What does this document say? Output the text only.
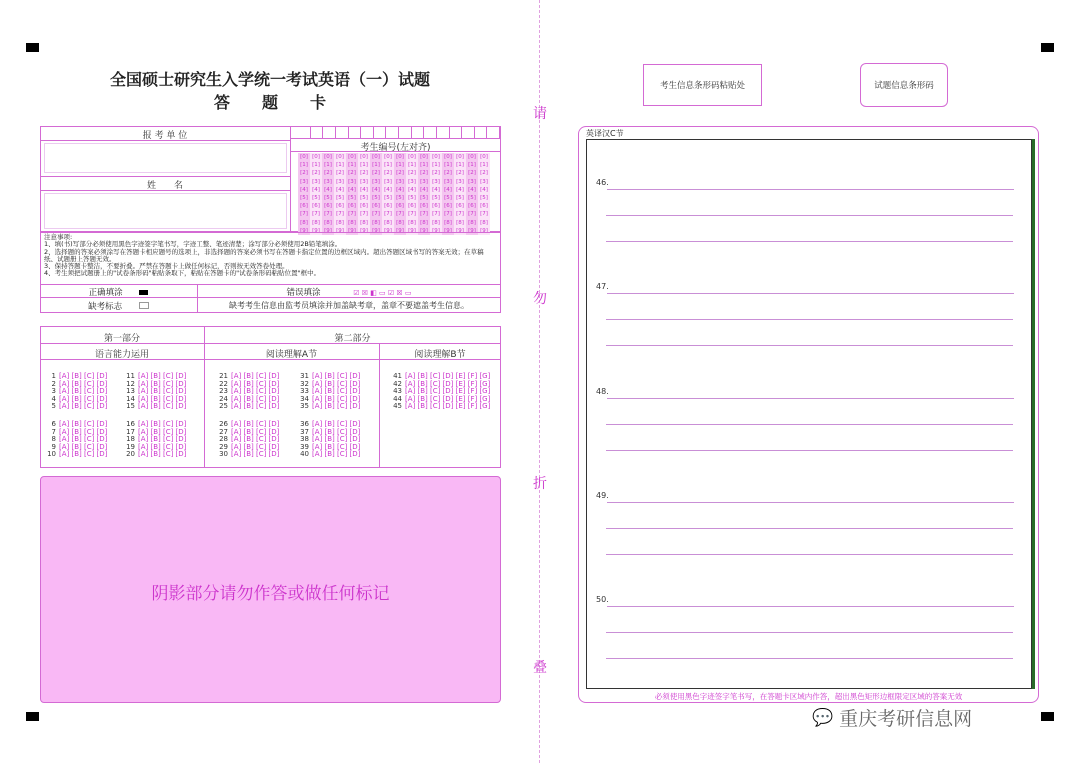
请
勿
折
叠
全国硕士研究生入学统一考试英语（一）试题
答　　题　　卡
报 考 单 位
姓　　名
考生编号(左对齐)
[0] [0] [0] [0] [0] [0] [0] [0] [0] [0] [0] [0] [0] [0] [0] [0]
[1] [1] [1] [1] [1] [1] [1] [1] [1] [1] [1] [1] [1] [1] [1] [1]
[2] [2] [2] [2] [2] [2] [2] [2] [2] [2] [2] [2] [2] [2] [2] [2]
[3] [3] [3] [3] [3] [3] [3] [3] [3] [3] [3] [3] [3] [3] [3] [3]
[4] [4] [4] [4] [4] [4] [4] [4] [4] [4] [4] [4] [4] [4] [4] [4]
[5] [5] [5] [5] [5] [5] [5] [5] [5] [5] [5] [5] [5] [5] [5] [5]
[6] [6] [6] [6] [6] [6] [6] [6] [6] [6] [6] [6] [6] [6] [6] [6]
[7] [7] [7] [7] [7] [7] [7] [7] [7] [7] [7] [7] [7] [7] [7] [7]
[8] [8] [8] [8] [8] [8] [8] [8] [8] [8] [8] [8] [8] [8] [8] [8]
[9] [9] [9] [9] [9] [9] [9] [9] [9] [9] [9] [9] [9] [9] [9] [9]
注意事项:
1、填(书)写部分必须使用黑色字迹签字笔书写，字迹工整、笔迹清楚；涂写部分必须使用2B铅笔填涂。
2、选择题的答案必须涂写在答题卡相应题号的选项上，非选择题的答案必须书写在答题卡指定位置的边框区域内。超出答题区域书写的答案无效；在草稿纸、试题册上答题无效。
3、保持答题卡整洁，不要折叠。严禁在答题卡上做任何标记，否则按无效答卷处理。
4、考生须把试题册上的"试卷条形码"粘贴条取下，粘贴在答题卡的"试卷条形码粘贴位置"框中。
正确填涂	错误填涂	☑ ☒ ◧ ▭ ☑ ☒ ▭
缺考标志	缺考考生信息由监考员填涂并加盖缺考章，盖章不要遮盖考生信息。
第一部分	第二部分
语言能力运用	阅读理解A节	阅读理解B节
1 [A] [B] [C] [D]
2 [A] [B] [C] [D]
3 [A] [B] [C] [D]
4 [A] [B] [C] [D]
5 [A] [B] [C] [D]
6 [A] [B] [C] [D]
7 [A] [B] [C] [D]
8 [A] [B] [C] [D]
9 [A] [B] [C] [D]
10 [A] [B] [C] [D]
11 [A] [B] [C] [D]
12 [A] [B] [C] [D]
13 [A] [B] [C] [D]
14 [A] [B] [C] [D]
15 [A] [B] [C] [D]
16 [A] [B] [C] [D]
17 [A] [B] [C] [D]
18 [A] [B] [C] [D]
19 [A] [B] [C] [D]
20 [A] [B] [C] [D]
21 [A] [B] [C] [D]
22 [A] [B] [C] [D]
23 [A] [B] [C] [D]
24 [A] [B] [C] [D]
25 [A] [B] [C] [D]
26 [A] [B] [C] [D]
27 [A] [B] [C] [D]
28 [A] [B] [C] [D]
29 [A] [B] [C] [D]
30 [A] [B] [C] [D]
31 [A] [B] [C] [D]
32 [A] [B] [C] [D]
33 [A] [B] [C] [D]
34 [A] [B] [C] [D]
35 [A] [B] [C] [D]
36 [A] [B] [C] [D]
37 [A] [B] [C] [D]
38 [A] [B] [C] [D]
39 [A] [B] [C] [D]
40 [A] [B] [C] [D]
41 [A] [B] [C] [D] [E] [F] [G]
42 [A] [B] [C] [D] [E] [F] [G]
43 [A] [B] [C] [D] [E] [F] [G]
44 [A] [B] [C] [D] [E] [F] [G]
45 [A] [B] [C] [D] [E] [F] [G]
阴影部分请勿作答或做任何标记
考生信息条形码粘贴处	试题信息条形码
英译汉C节
46.
47.
48.
49.
50.
必须使用黑色字迹签字笔书写，在答题卡区域内作答，超出黑色矩形边框限定区域的答案无效
💬 重庆考研信息网
